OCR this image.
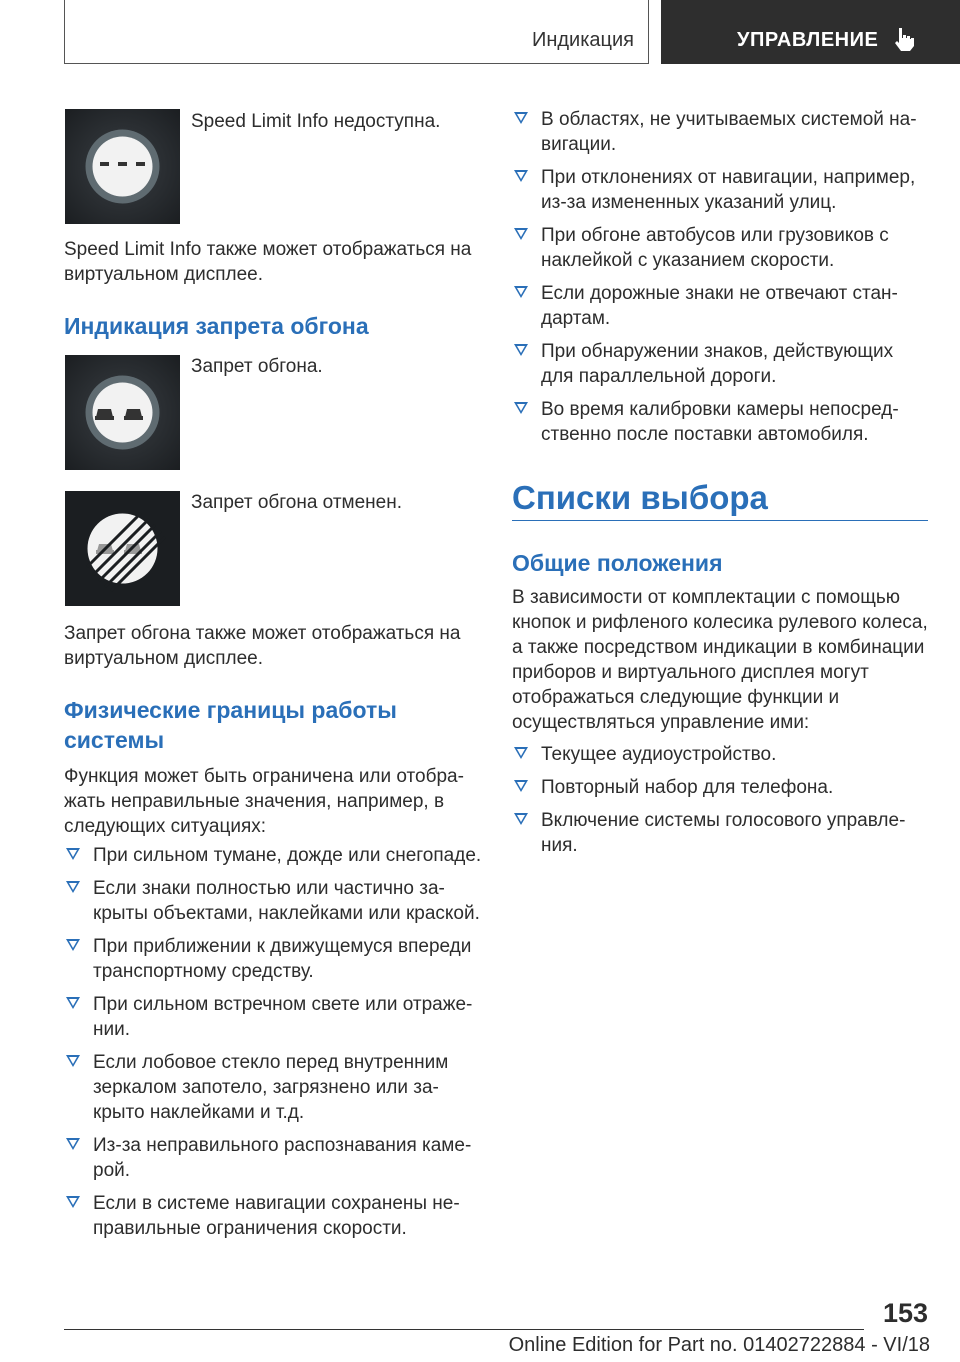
Индикация	УПРАВЛЕНИЕ

Speed Limit Info недоступна.

Speed Limit Info также может отображаться на виртуальном дисплее.

Индикация запрета обгона

Запрет обгона.

Запрет обгона отменен.

Запрет обгона также может отображаться на виртуальном дисплее.

Физические границы работы системы

Функция может быть ограничена или отображать неправильные значения, например, в следующих ситуациях:

При сильном тумане, дожде или снегопаде.
Если знаки полностью или частично закрыты объектами, наклейками или краской.
При приближении к движущемуся впереди транспортному средству.
При сильном встречном свете или отражении.
Если лобовое стекло перед внутренним зеркалом запотело, загрязнено или закрыто наклейками и т.д.
Из-за неправильного распознавания камерой.
Если в системе навигации сохранены неправильные ограничения скорости.
В областях, не учитываемых системой навигации.
При отклонениях от навигации, например, из-за измененных указаний улиц.
При обгоне автобусов или грузовиков с наклейкой с указанием скорости.
Если дорожные знаки не отвечают стандартам.
При обнаружении знаков, действующих для параллельной дороги.
Во время калибровки камеры непосредственно после поставки автомобиля.
Списки выбора
Общие положения

В зависимости от комплектации с помощью кнопок и рифленого колесика рулевого колеса, а также посредством индикации в комбинации приборов и виртуального дисплея могут отображаться следующие функции и осуществляться управление ими:

Текущее аудиоустройство.
Повторный набор для телефона.
Включение системы голосового управления.
153
Online Edition for Part no. 01402722884 - VI/18
